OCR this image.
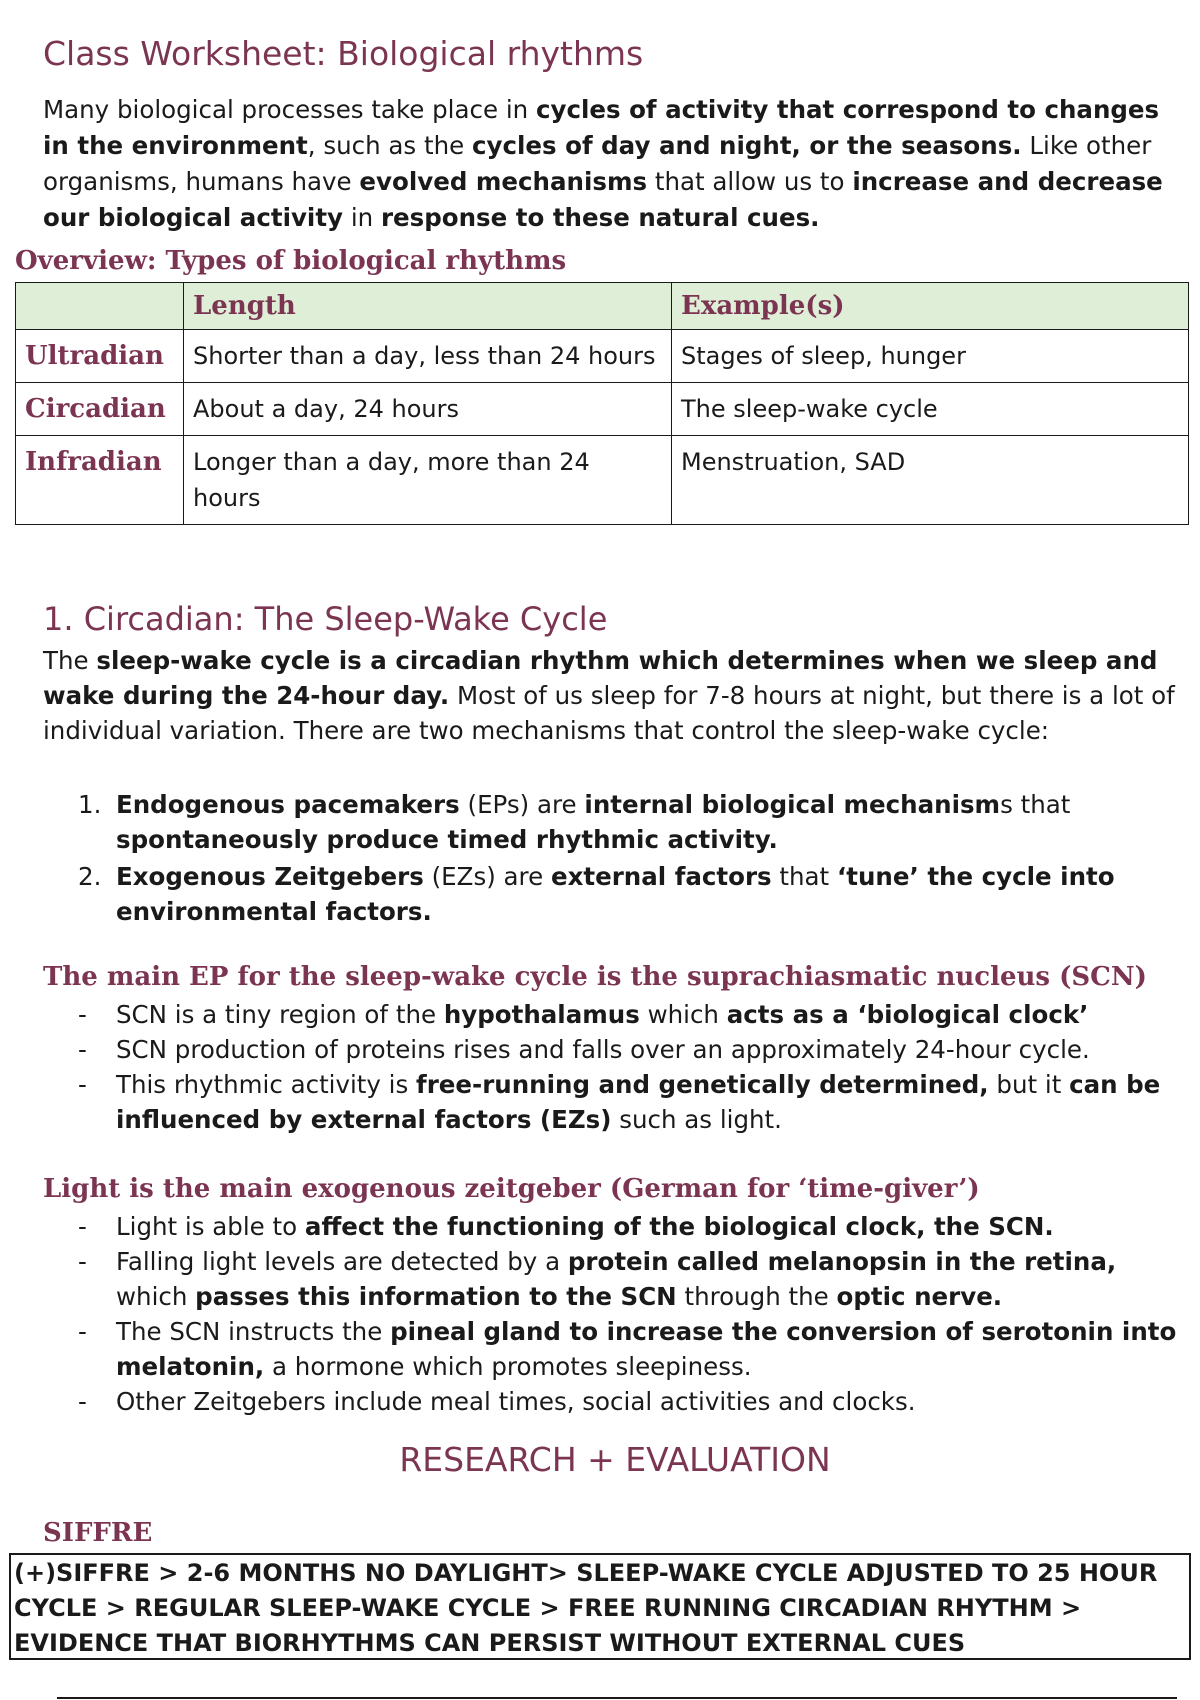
Class Worksheet: Biological rhythms
Many biological processes take place in cycles of activity that correspond to changes in the environment, such as the cycles of day and night, or the seasons. Like other organisms, humans have evolved mechanisms that allow us to increase and decrease our biological activity in response to these natural cues.
Overview: Types of biological rhythms
	Length	Example(s)
Ultradian	Shorter than a day, less than 24 hours	Stages of sleep, hunger
Circadian	About a day, 24 hours	The sleep-wake cycle
Infradian	Longer than a day, more than 24 hours	Menstruation, SAD
1. Circadian: The Sleep-Wake Cycle
The sleep-wake cycle is a circadian rhythm which determines when we sleep and wake during the 24-hour day. Most of us sleep for 7-8 hours at night, but there is a lot of individual variation. There are two mechanisms that control the sleep-wake cycle:
1. Endogenous pacemakers (EPs) are internal biological mechanisms that spontaneously produce timed rhythmic activity.
2. Exogenous Zeitgebers (EZs) are external factors that ‘tune’ the cycle into environmental factors.
The main EP for the sleep-wake cycle is the suprachiasmatic nucleus (SCN)
- SCN is a tiny region of the hypothalamus which acts as a ‘biological clock’
- SCN production of proteins rises and falls over an approximately 24-hour cycle.
- This rhythmic activity is free-running and genetically determined, but it can be influenced by external factors (EZs) such as light.
Light is the main exogenous zeitgeber (German for ‘time-giver’)
- Light is able to affect the functioning of the biological clock, the SCN.
- Falling light levels are detected by a protein called melanopsin in the retina, which passes this information to the SCN through the optic nerve.
- The SCN instructs the pineal gland to increase the conversion of serotonin into melatonin, a hormone which promotes sleepiness.
- Other Zeitgebers include meal times, social activities and clocks.
RESEARCH + EVALUATION
SIFFRE
(+)SIFFRE > 2-6 MONTHS NO DAYLIGHT> SLEEP-WAKE CYCLE ADJUSTED TO 25 HOUR CYCLE > REGULAR SLEEP-WAKE CYCLE > FREE RUNNING CIRCADIAN RHYTHM > EVIDENCE THAT BIORHYTHMS CAN PERSIST WITHOUT EXTERNAL CUES
